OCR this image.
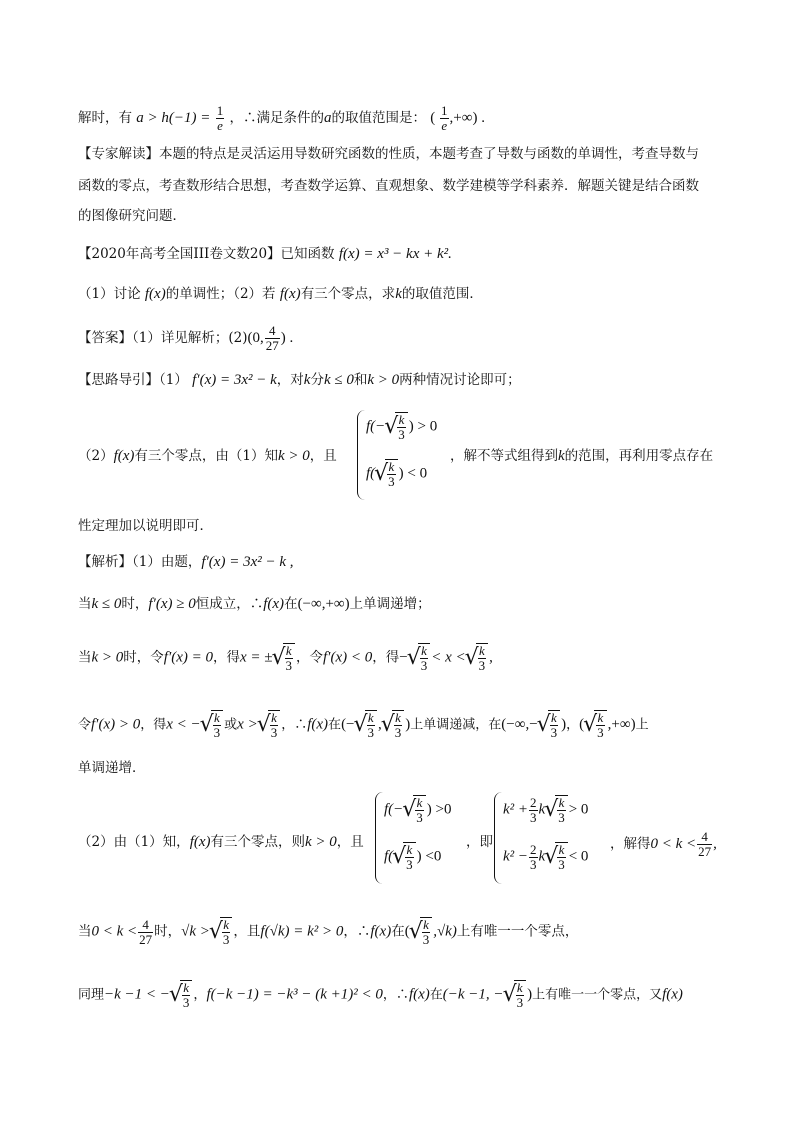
解时，有 $a > h(-1) = \frac{1}{e}$ ，∴满足条件的a的取值范围是： ( $\frac{1}{e}$ ,+∞) .
【专家解读】本题的特点是灵活运用导数研究函数的性质，本题考查了导数与函数的单调性，考查导数与
函数的零点，考查数形结合思想，考查数学运算、直观想象、数学建模等学科素养．解题关键是结合函数
的图像研究问题．
【2020年高考全国III卷文数20】已知函数 f(x) = x³ − kx + k².
（1）讨论 f(x)的单调性；（2）若 f(x)有三个零点，求k的取值范围．
【答案】（1）详见解析；(2)(0, $\frac{4}{27}$ ) .
【思路导引】（1） f′(x) = 3x² − k，对k分k ≤ 0和k > 0两种情况讨论即可；
（2）f(x)有三个零点，由（1）知k > 0，且
f(− √ $\frac{k}{3}$ ) > 0
f( √ $\frac{k}{3}$ ) < 0
，解不等式组得到k的范围，再利用零点存在
性定理加以说明即可．
【解析】（1）由题，f′(x) = 3x² − k ,
当k ≤ 0时，f′(x) ≥ 0恒成立，∴f(x)在(−∞,+∞)上单调递增；
当k > 0时，令f′(x) = 0，得x = ± √ $\frac{k}{3}$ ，令f′(x) < 0，得− √ $\frac{k}{3} < x$ < √ $\frac{k}{3}$ ,
令f′(x) > 0，得x < − √ $\frac{k}{3}$ 或x > √ $\frac{k}{3}$ ，∴f(x)在(− √ $\frac{k}{3}$ , √ $\frac{k}{3}$ )上单调递减，在(−∞,− √ $\frac{k}{3}$ )，( √ $\frac{k}{3}$ ,+∞)上
单调递增．
（2）由（1）知，f(x)有三个零点，则k > 0，且
f(− √ $\frac{k}{3}$ ) >0
f( √ $\frac{k}{3}$ ) <0
，即
$k^2 + \frac{2}{3}$ k √ $\frac{k}{3} > 0$
$k^2 - \frac{2}{3}$ k √ $\frac{k}{3} < 0$
，解得$0 < k < \frac{4}{27}$ ,
当$0 < k < \frac{4}{27}$ 时，√k > √ $\frac{k}{3}$ ，且f(√k) = k² > 0，∴f(x)在( √ $\frac{k}{3} ,√k$)上有唯一一个零点，
同理−k −1 < − √ $\frac{k}{3}$ ，f(−k −1) = −k³ − (k +1)² < 0，∴f(x)在(−k −1, − √ $\frac{k}{3}$ )上有唯一一个零点，又f(x)
